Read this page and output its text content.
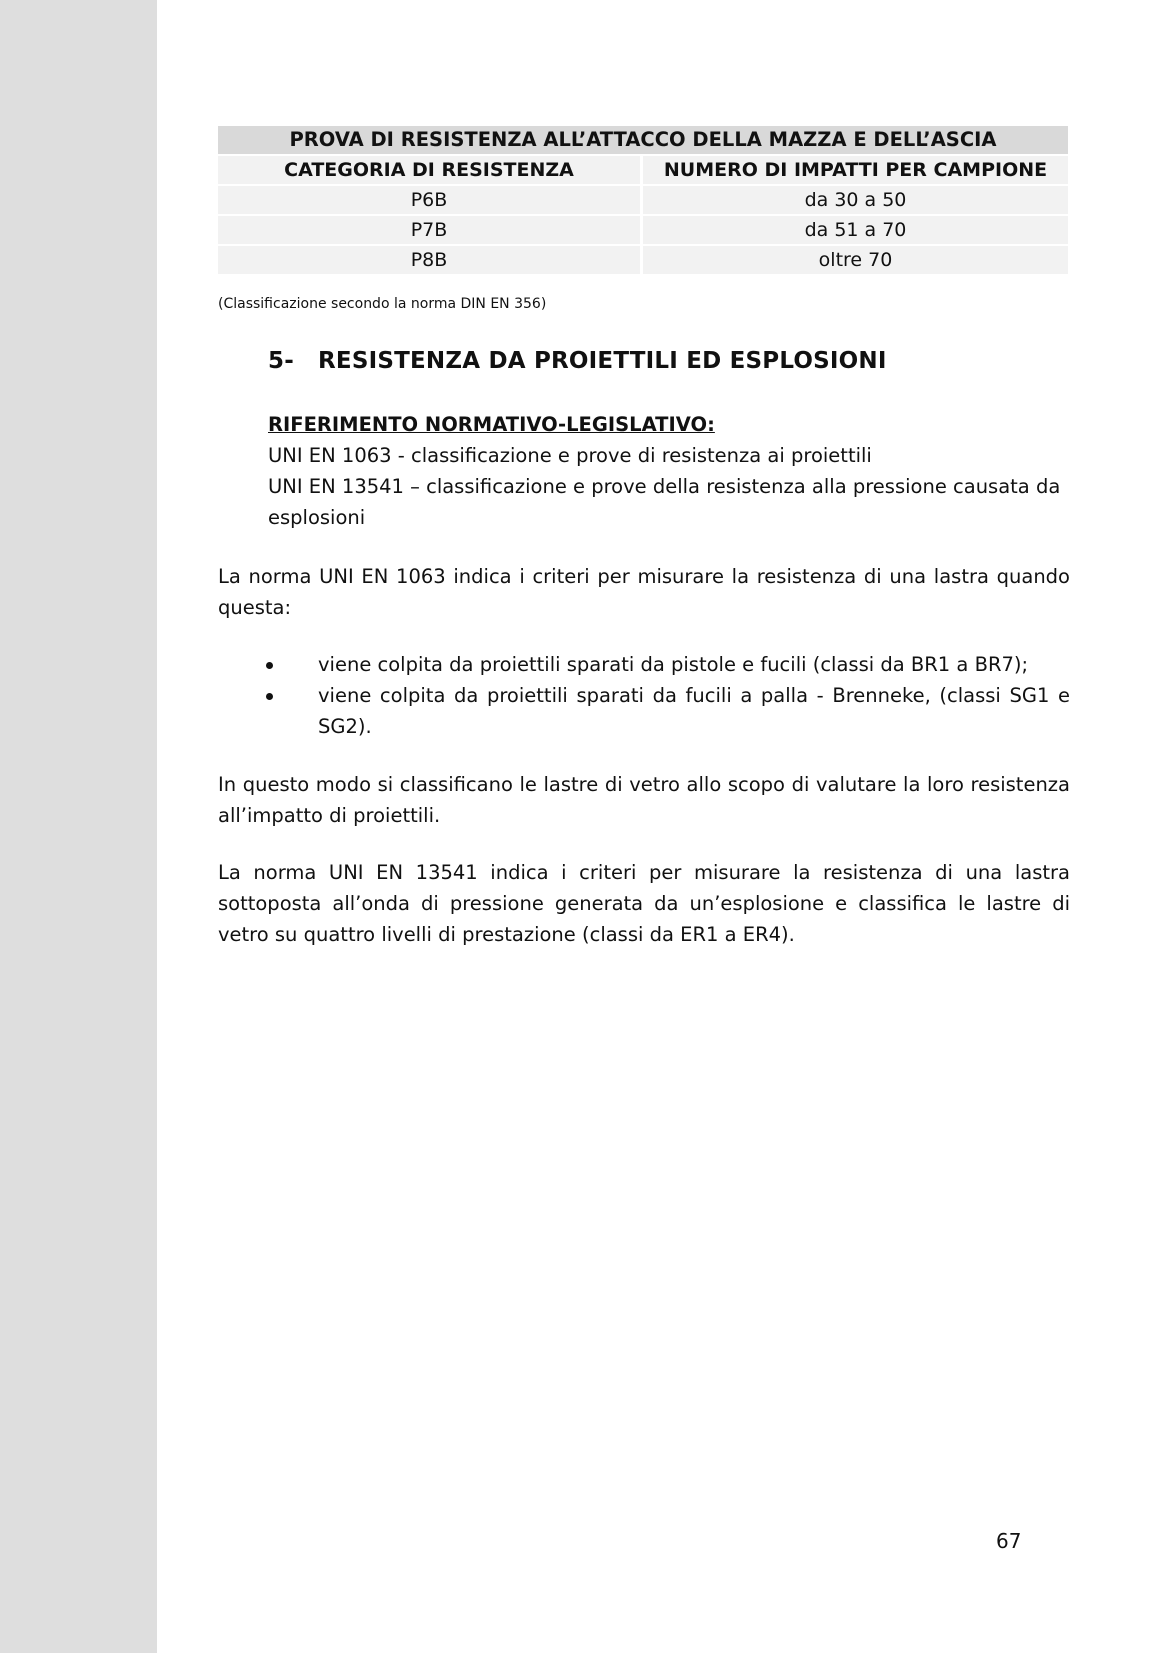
PROVA DI RESISTENZA ALL’ATTACCO DELLA MAZZA E DELL’ASCIA	
CATEGORIA DI RESISTENZA	NUMERO DI IMPATTI PER CAMPIONE
P6B	da 30 a 50
P7B	da 51 a 70
P8B	oltre 70
(Classificazione secondo la norma DIN EN 356)
5- RESISTENZA DA PROIETTILI ED ESPLOSIONI
RIFERIMENTO NORMATIVO-LEGISLATIVO:
UNI EN 1063 - classificazione e prove di resistenza ai proiettili
UNI EN 13541 – classificazione e prove della resistenza alla pressione causata da esplosioni
La norma UNI EN 1063 indica i criteri per misurare la resistenza di una lastra quando questa:
viene colpita da proiettili sparati da pistole e fucili (classi da BR1 a BR7);
viene colpita da proiettili sparati da fucili a palla - Brenneke, (classi SG1 e SG2).
In questo modo si classificano le lastre di vetro allo scopo di valutare la loro resistenza all’impatto di proiettili.
La norma UNI EN 13541 indica i criteri per misurare la resistenza di una lastra sottoposta all’onda di pressione generata da un’esplosione e classifica le lastre di vetro su quattro livelli di prestazione (classi da ER1 a ER4).
67
